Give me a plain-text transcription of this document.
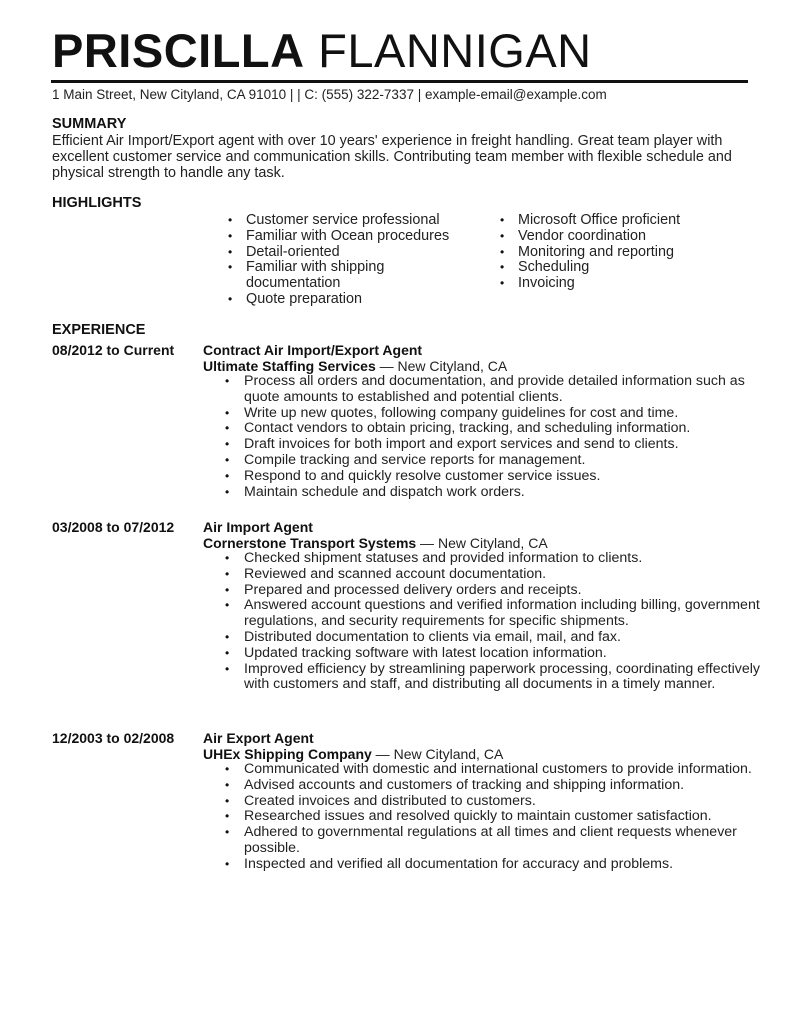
PRISCILLA FLANNIGAN
1 Main Street, New Cityland, CA 91010 | | C: (555) 322-7337 | example-email@example.com
SUMMARY
Efficient Air Import/Export agent with over 10 years' experience in freight handling. Great team player with excellent customer service and communication skills. Contributing team member with flexible schedule and physical strength to handle any task.
HIGHLIGHTS
• Customer service professional
• Familiar with Ocean procedures
• Detail-oriented
• Familiar with shipping documentation
• Quote preparation
• Microsoft Office proficient
• Vendor coordination
• Monitoring and reporting
• Scheduling
• Invoicing
EXPERIENCE
08/2012 to Current Contract Air Import/Export Agent
Ultimate Staffing Services — New Cityland, CA
• Process all orders and documentation, and provide detailed information such as quote amounts to established and potential clients.
• Write up new quotes, following company guidelines for cost and time.
• Contact vendors to obtain pricing, tracking, and scheduling information.
• Draft invoices for both import and export services and send to clients.
• Compile tracking and service reports for management.
• Respond to and quickly resolve customer service issues.
• Maintain schedule and dispatch work orders.
03/2008 to 07/2012 Air Import Agent
Cornerstone Transport Systems — New Cityland, CA
• Checked shipment statuses and provided information to clients.
• Reviewed and scanned account documentation.
• Prepared and processed delivery orders and receipts.
• Answered account questions and verified information including billing, government regulations, and security requirements for specific shipments.
• Distributed documentation to clients via email, mail, and fax.
• Updated tracking software with latest location information.
• Improved efficiency by streamlining paperwork processing, coordinating effectively with customers and staff, and distributing all documents in a timely manner.
12/2003 to 02/2008 Air Export Agent
UHEx Shipping Company — New Cityland, CA
• Communicated with domestic and international customers to provide information.
• Advised accounts and customers of tracking and shipping information.
• Created invoices and distributed to customers.
• Researched issues and resolved quickly to maintain customer satisfaction.
• Adhered to governmental regulations at all times and client requests whenever possible.
• Inspected and verified all documentation for accuracy and problems.
